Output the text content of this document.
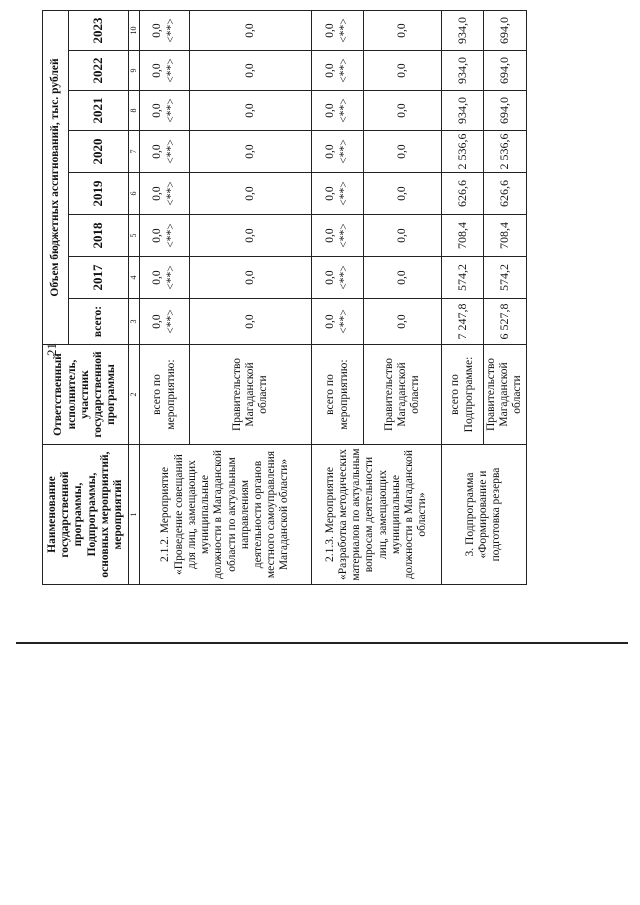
21
Наименование государственной программы, Подпрограммы, основных мероприятий, мероприятий	Ответственный исполнитель, участник государственной программы	Объем бюджетных ассигнований, тыс. рублей							
		всего:	2017	2018	2019	2020	2021	2022	2023
1	2	3	4	5	6	7	8	9	10
2.1.2. Мероприятие «Проведение совещаний для лиц, замещающих муниципальные должности в Магаданской области по актуальным направлениям деятельности органов местного самоуправления Магаданской области»	всего по мероприятию:	0,0 <**>	0,0 <**>	0,0 <**>	0,0 <**>	0,0 <**>	0,0 <**>	0,0 <**>	0,0 <**>
	Правительство Магаданской области	0,0	0,0	0,0	0,0	0,0	0,0	0,0	0,0
2.1.3. Мероприятие «Разработка методических материалов по актуальным вопросам деятельности лиц, замещающих муниципальные должности в Магаданской области»	всего по мероприятию:	0,0 <**>	0,0 <**>	0,0 <**>	0,0 <**>	0,0 <**>	0,0 <**>	0,0 <**>	0,0 <**>
	Правительство Магаданской области	0,0	0,0	0,0	0,0	0,0	0,0	0,0	0,0
3. Подпрограмма «Формирование и подготовка резерва	всего по Подпрограмме:	7 247,8	574,2	708,4	626,6	2 536,6	934,0	934,0	934,0
	Правительство Магаданской области	6 527,8	574,2	708,4	626,6	2 536,6	694,0	694,0	694,0
